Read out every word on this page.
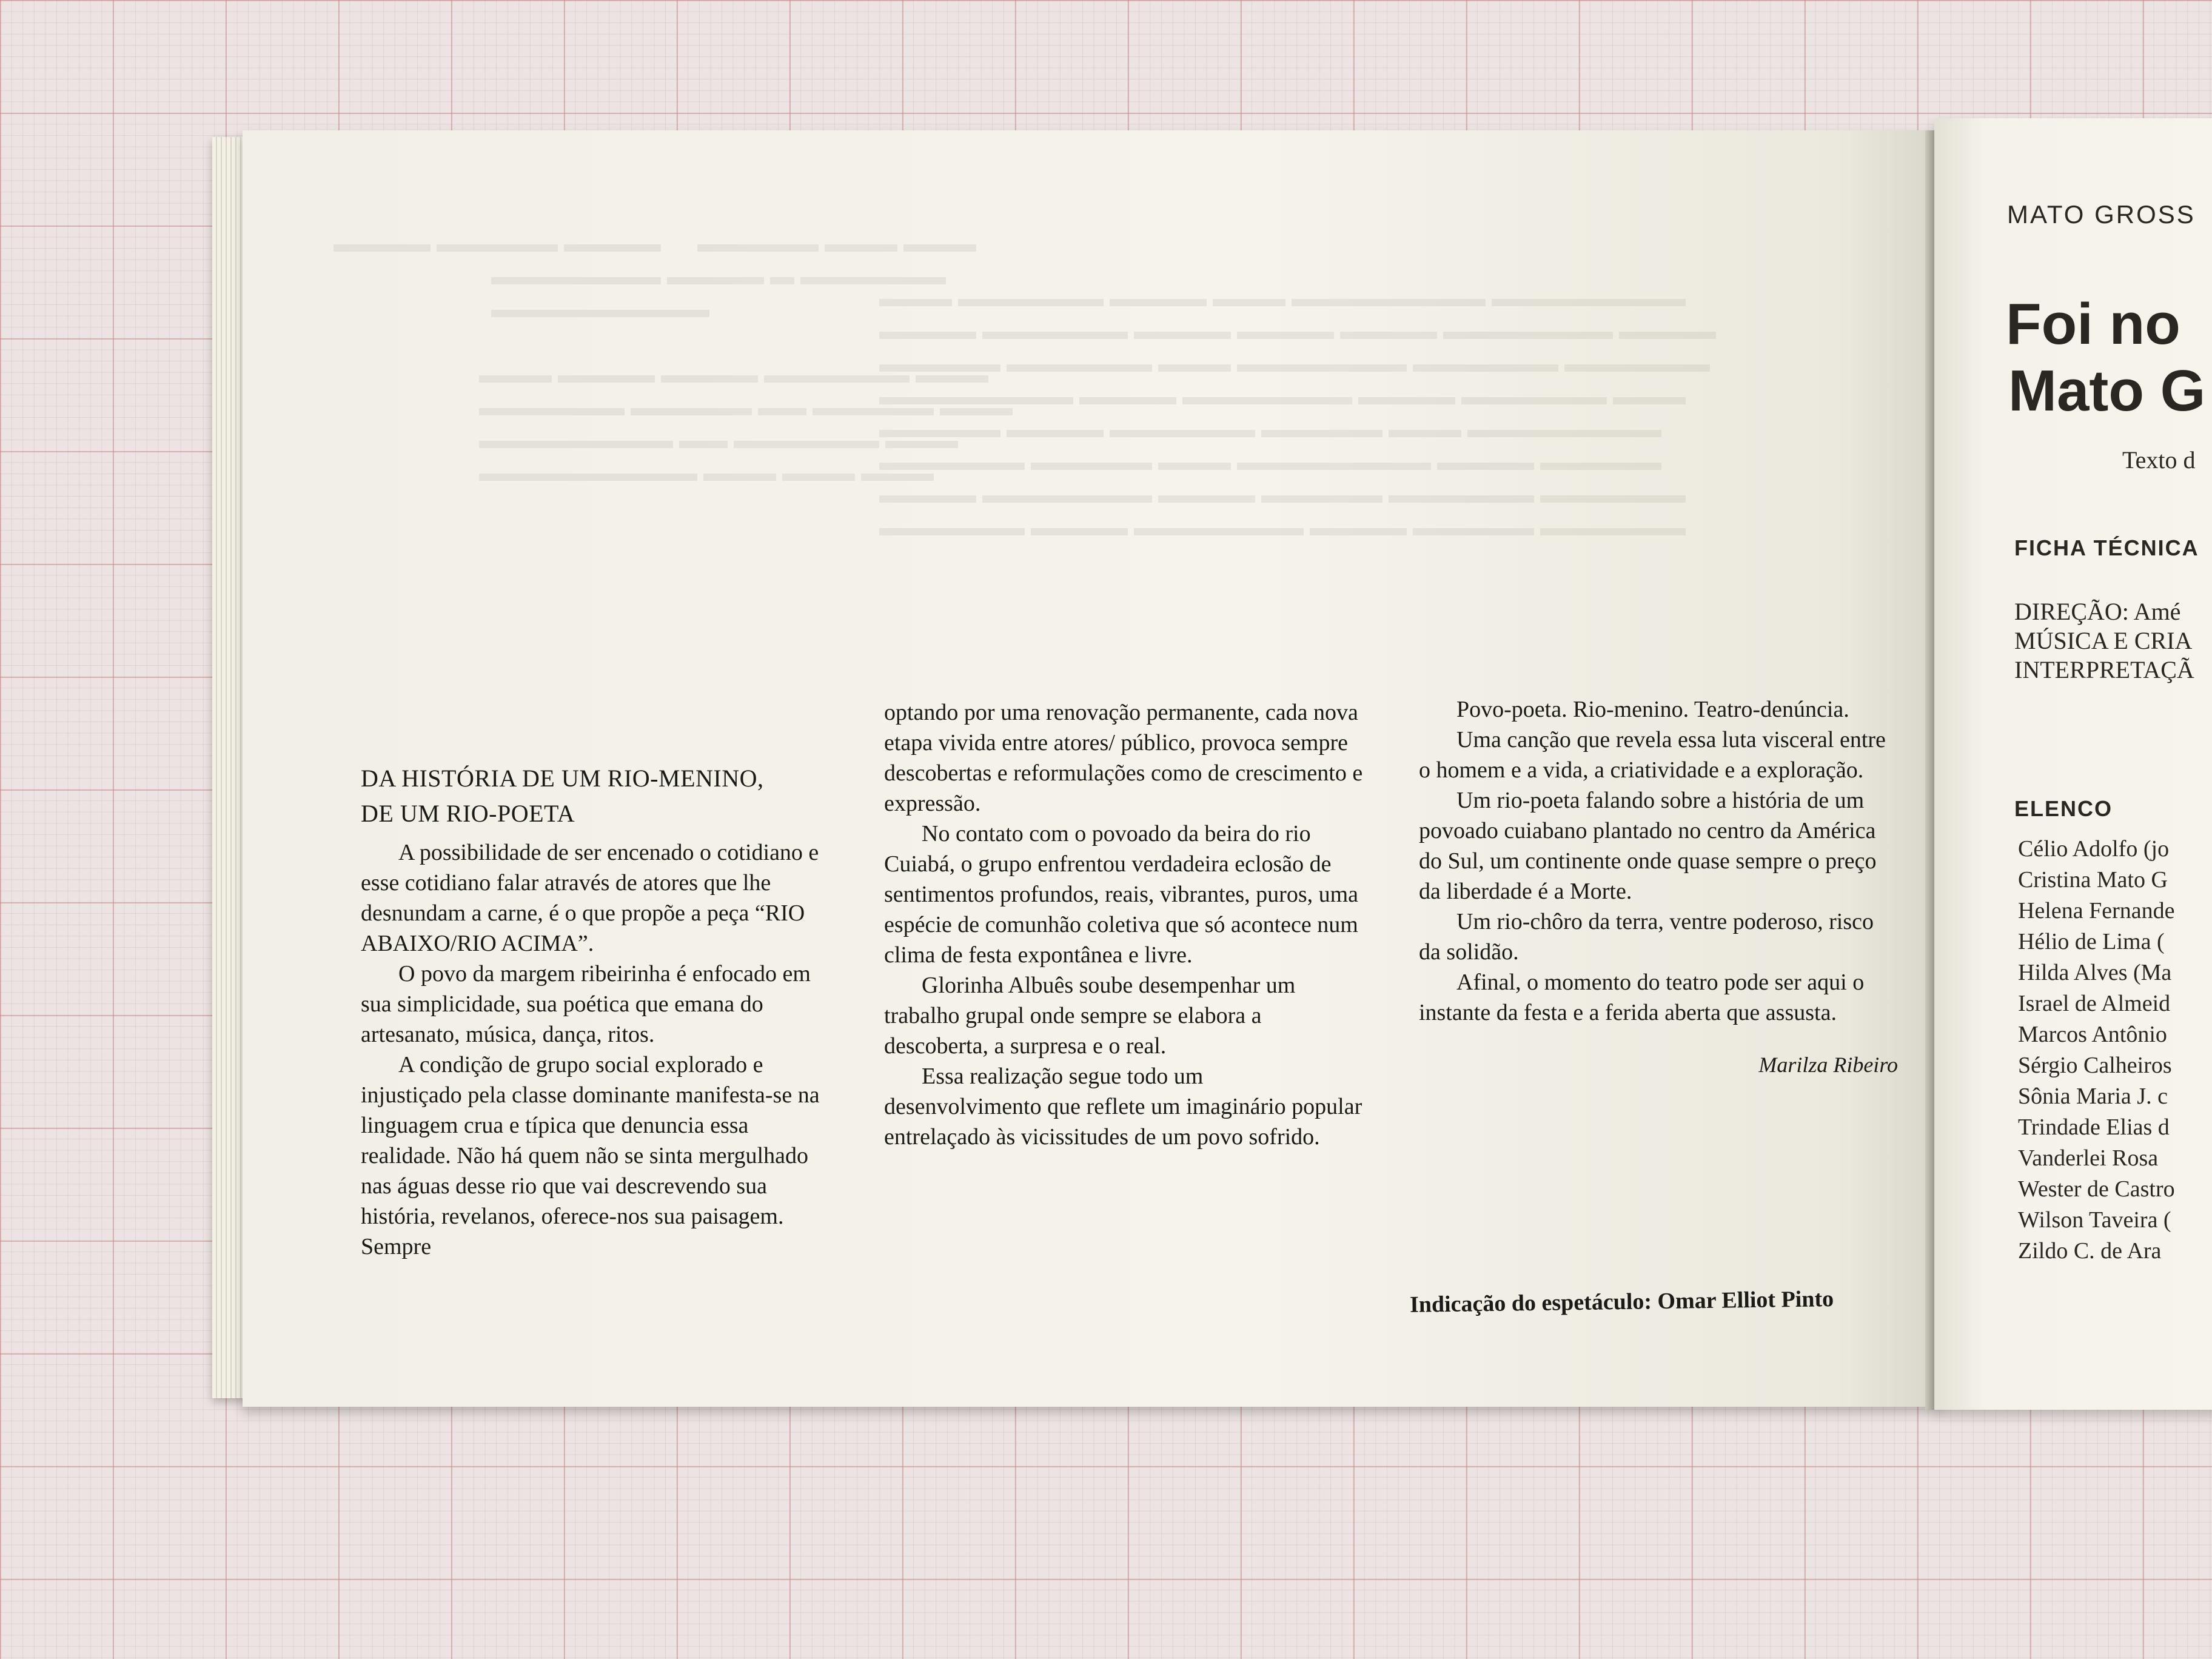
▬▬▬▬ ▬▬▬▬▬ ▬▬▬▬      ▬▬▬▬▬ ▬▬▬ ▬▬▬
▬▬▬▬▬▬▬ ▬▬▬▬ ▬ ▬▬▬▬▬▬
▬▬▬▬▬▬▬▬▬

▬▬▬ ▬▬▬▬ ▬▬▬▬ ▬▬▬▬▬▬ ▬▬▬
▬▬▬▬▬▬ ▬▬▬▬▬ ▬▬ ▬▬▬▬▬ ▬▬▬
▬▬▬▬▬▬▬▬ ▬▬ ▬▬▬▬▬▬ ▬▬▬
▬▬▬▬▬▬▬▬▬ ▬▬▬ ▬▬▬ ▬▬▬
▬▬▬ ▬▬▬▬▬▬ ▬▬▬▬ ▬▬▬ ▬▬▬▬▬▬▬▬ ▬▬▬▬▬▬▬▬
▬▬▬▬ ▬▬▬▬▬▬ ▬▬▬▬ ▬▬▬▬ ▬▬▬▬ ▬▬▬▬▬▬▬ ▬▬▬▬
▬▬▬▬▬ ▬▬▬▬▬▬ ▬▬▬ ▬▬▬▬▬▬▬ ▬▬▬▬▬▬ ▬▬▬▬▬▬
▬▬▬▬▬▬▬▬ ▬▬▬▬ ▬▬▬▬▬▬▬ ▬▬▬▬ ▬▬▬▬▬▬ ▬▬▬
▬▬▬▬▬ ▬▬▬▬ ▬▬▬▬▬▬ ▬▬▬▬▬ ▬▬▬ ▬▬▬▬▬▬▬▬
▬▬▬▬▬▬ ▬▬▬▬▬ ▬▬▬ ▬▬▬▬▬▬▬▬ ▬▬▬▬ ▬▬▬▬▬
▬▬▬▬ ▬▬▬▬▬▬▬ ▬▬▬▬ ▬▬▬▬▬ ▬▬▬▬▬▬ ▬▬▬▬▬▬
▬▬▬▬▬▬ ▬▬▬▬ ▬▬▬▬▬▬▬ ▬▬▬▬ ▬▬▬▬▬ ▬▬▬▬▬▬
DA HISTÓRIA DE UM RIO-MENINO,
DE UM RIO-POETA

A possibilidade de ser encenado o cotidiano e esse cotidiano falar através de atores que lhe desnundam a carne, é o que propõe a peça “RIO ABAIXO/RIO ACIMA”.

O povo da margem ribeirinha é enfocado em sua simplicidade, sua poética que emana do artesanato, música, dança, ritos.

A condição de grupo social explorado e injustiçado pela classe dominante manifesta-se na linguagem crua e típica que denuncia essa realidade. Não há quem não se sinta mergulhado nas águas desse rio que vai descrevendo sua história, revelanos, oferece-nos sua paisagem. Sempre

optando por uma renovação permanente, cada nova etapa vivida entre atores/ público, provoca sempre descobertas e reformulações como de crescimento e expressão.

No contato com o povoado da beira do rio Cuiabá, o grupo enfrentou verdadeira eclosão de sentimentos profundos, reais, vibrantes, puros, uma espécie de comunhão coletiva que só acontece num clima de festa expontânea e livre.

Glorinha Albuês soube desempenhar um trabalho grupal onde sempre se elabora a descoberta, a surpresa e o real.

Essa realização segue todo um desenvolvimento que reflete um imaginário popular entrelaçado às vicissitudes de um povo sofrido.

Povo-poeta. Rio-menino. Teatro-denúncia.

Uma canção que revela essa luta visceral entre o homem e a vida, a criatividade e a exploração.

Um rio-poeta falando sobre a história de um povoado cuiabano plantado no centro da América do Sul, um continente onde quase sempre o preço da liberdade é a Morte.

Um rio-chôro da terra, ventre poderoso, risco da solidão.

Afinal, o momento do teatro pode ser aqui o instante da festa e a ferida aberta que assusta.

Marilza Ribeiro
Indicação do espetáculo: Omar Elliot Pinto
MATO GROSS
Foi no
Mato G
Texto d
FICHA TÉCNICA
DIREÇÃO: Amé
MÚSICA E CRIA
INTERPRETAÇÃ
ELENCO
Célio Adolfo (jo
Cristina Mato G
Helena Fernande
Hélio de Lima (
Hilda Alves (Ma
Israel de Almeid
Marcos Antônio
Sérgio Calheiros
Sônia Maria J. c
Trindade Elias d
Vanderlei Rosa
Wester de Castro
Wilson Taveira (
Zildo C. de Ara
